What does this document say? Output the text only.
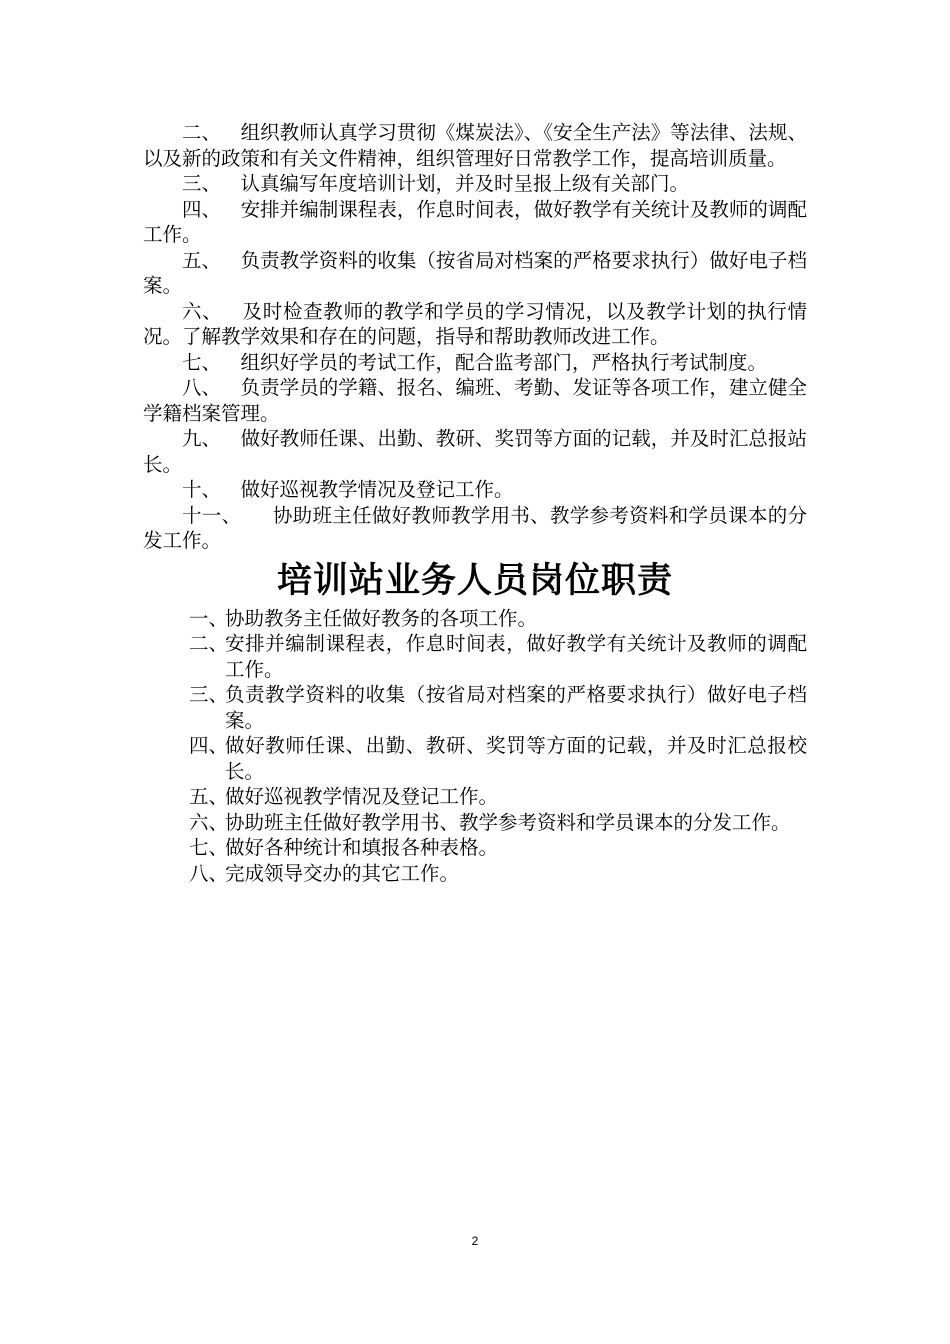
二、 组织教师认真学习贯彻《煤炭法》、《安全生产法》等法律、法规、以及新的政策和有关文件精神，组织管理好日常教学工作，提高培训质量。

三、 认真编写年度培训计划，并及时呈报上级有关部门。

四、 安排并编制课程表，作息时间表，做好教学有关统计及教师的调配工作。

五、 负责教学资料的收集（按省局对档案的严格要求执行）做好电子档案。

六、 及时检查教师的教学和学员的学习情况，以及教学计划的执行情况。了解教学效果和存在的问题，指导和帮助教师改进工作。

七、 组织好学员的考试工作，配合监考部门，严格执行考试制度。

八、 负责学员的学籍、报名、编班、考勤、发证等各项工作，建立健全学籍档案管理。

九、 做好教师任课、出勤、教研、奖罚等方面的记载，并及时汇总报站长。

十、 做好巡视教学情况及登记工作。

十一、 协助班主任做好教师教学用书、教学参考资料和学员课本的分发工作。

培训站业务人员岗位职责

一、
协助教务主任做好教务的各项工作。

二、
安排并编制课程表，作息时间表，做好教学有关统计及教师的调配工作。

三、
负责教学资料的收集（按省局对档案的严格要求执行）做好电子档案。

四、
做好教师任课、出勤、教研、奖罚等方面的记载，并及时汇总报校长。

五、
做好巡视教学情况及登记工作。

六、
协助班主任做好教学用书、教学参考资料和学员课本的分发工作。

七、
做好各种统计和填报各种表格。

八、
完成领导交办的其它工作。

2
